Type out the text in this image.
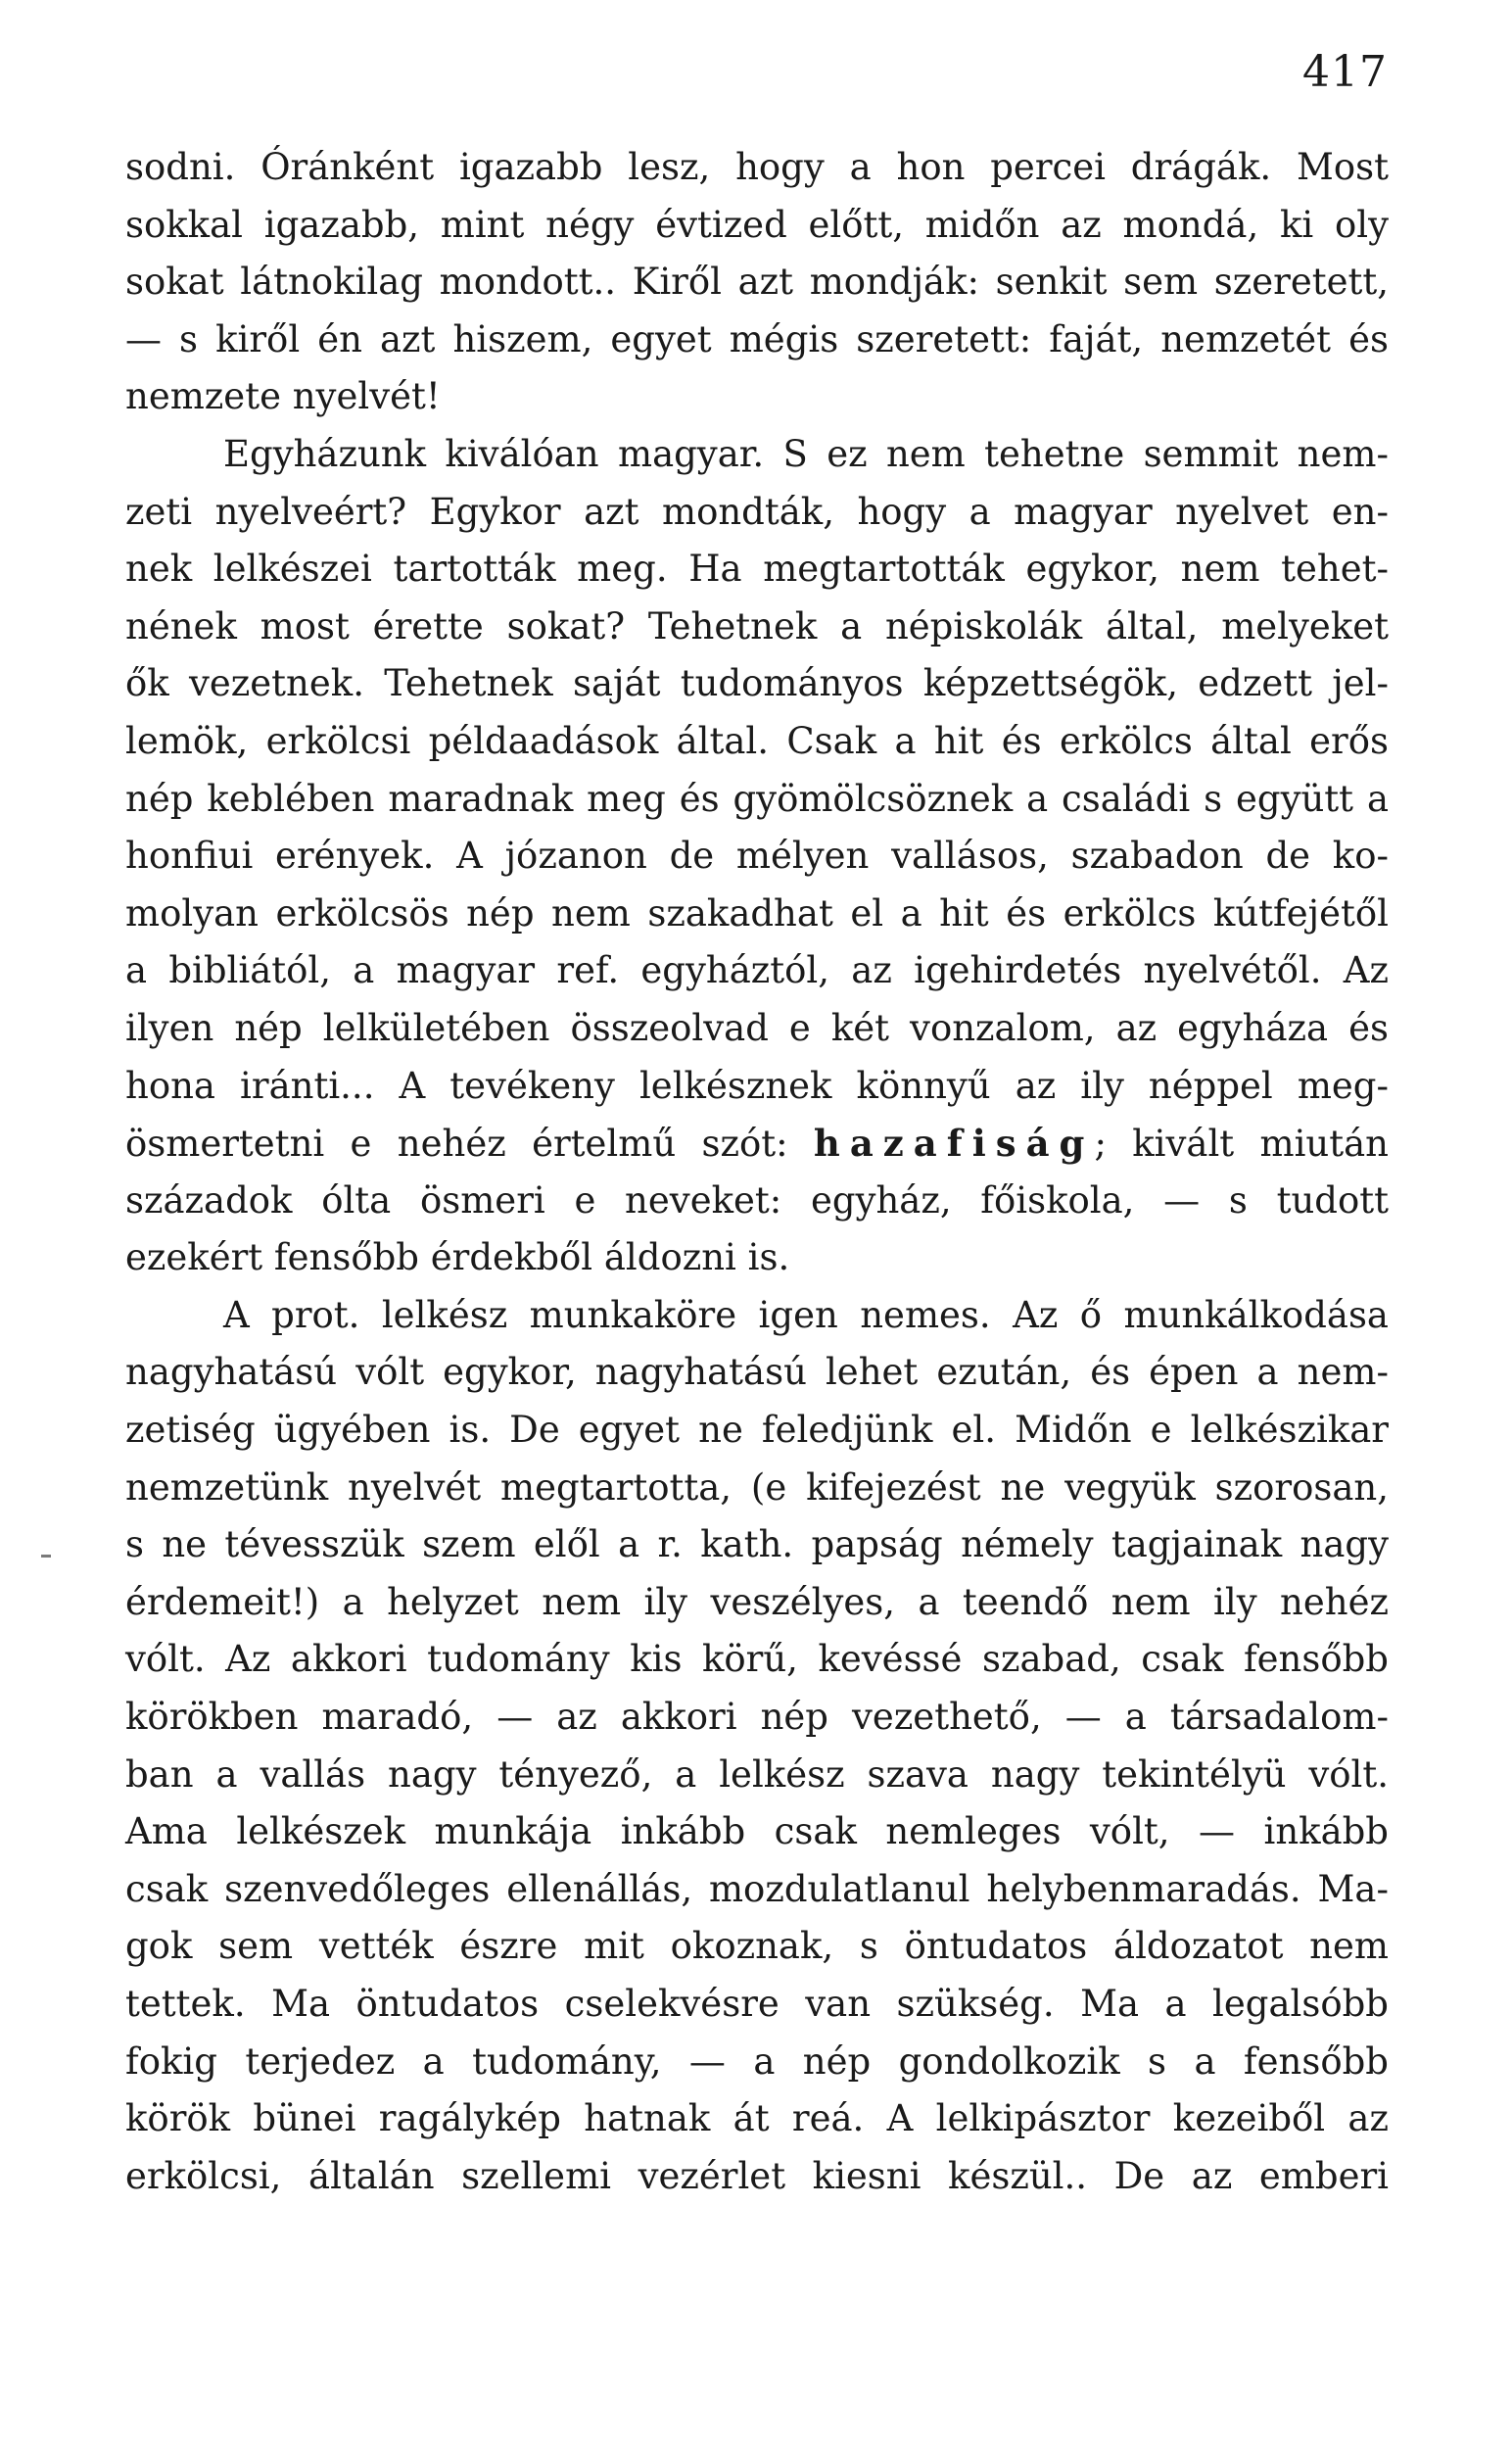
417
sodni. Óránként igazabb lesz, hogy a hon percei drágák. Most
sokkal igazabb, mint négy évtized előtt, midőn az mondá, ki oly
sokat látnokilag mondott.. Kiről azt mondják: senkit sem szeretett,
— s kiről én azt hiszem, egyet mégis szeretett: faját, nemzetét és
nemzete nyelvét!
Egyházunk kiválóan magyar. S ez nem tehetne semmit nem-
zeti nyelveért? Egykor azt mondták, hogy a magyar nyelvet en-
nek lelkészei tartották meg. Ha megtartották egykor, nem tehet-
nének most érette sokat? Tehetnek a népiskolák által, melyeket
ők vezetnek. Tehetnek saját tudományos képzettségök, edzett jel-
lemök, erkölcsi példaadások által. Csak a hit és erkölcs által erős
nép keblében maradnak meg és gyömölcsöznek a családi s együtt a
honfiui erények. A józanon de mélyen vallásos, szabadon de ko-
molyan erkölcsös nép nem szakadhat el a hit és erkölcs kútfejétől
a bibliától, a magyar ref. egyháztól, az igehirdetés nyelvétől. Az
ilyen nép lelkületében összeolvad e két vonzalom, az egyháza és
hona iránti... A tevékeny lelkésznek könnyű az ily néppel meg-
ösmertetni e nehéz értelmű szót: hazafiság; kivált miután
századok ólta ösmeri e neveket: egyház, főiskola, — s tudott
ezekért fensőbb érdekből áldozni is.
A prot. lelkész munkaköre igen nemes. Az ő munkálkodása
nagyhatású vólt egykor, nagyhatású lehet ezután, és épen a nem-
zetiség ügyében is. De egyet ne feledjünk el. Midőn e lelkészikar
nemzetünk nyelvét megtartotta, (e kifejezést ne vegyük szorosan,
s ne tévesszük szem elől a r. kath. papság némely tagjainak nagy
érdemeit!) a helyzet nem ily veszélyes, a teendő nem ily nehéz
vólt. Az akkori tudomány kis körű, kevéssé szabad, csak fensőbb
körökben maradó, — az akkori nép vezethető, — a társadalom-
ban a vallás nagy tényező, a lelkész szava nagy tekintélyü vólt.
Ama lelkészek munkája inkább csak nemleges vólt, — inkább
csak szenvedőleges ellenállás, mozdulatlanul helybenmaradás. Ma-
gok sem vették észre mit okoznak, s öntudatos áldozatot nem
tettek. Ma öntudatos cselekvésre van szükség. Ma a legalsóbb
fokig terjedez a tudomány, — a nép gondolkozik s a fensőbb
körök bünei ragálykép hatnak át reá. A lelkipásztor kezeiből az
erkölcsi, általán szellemi vezérlet kiesni készül.. De az emberi
